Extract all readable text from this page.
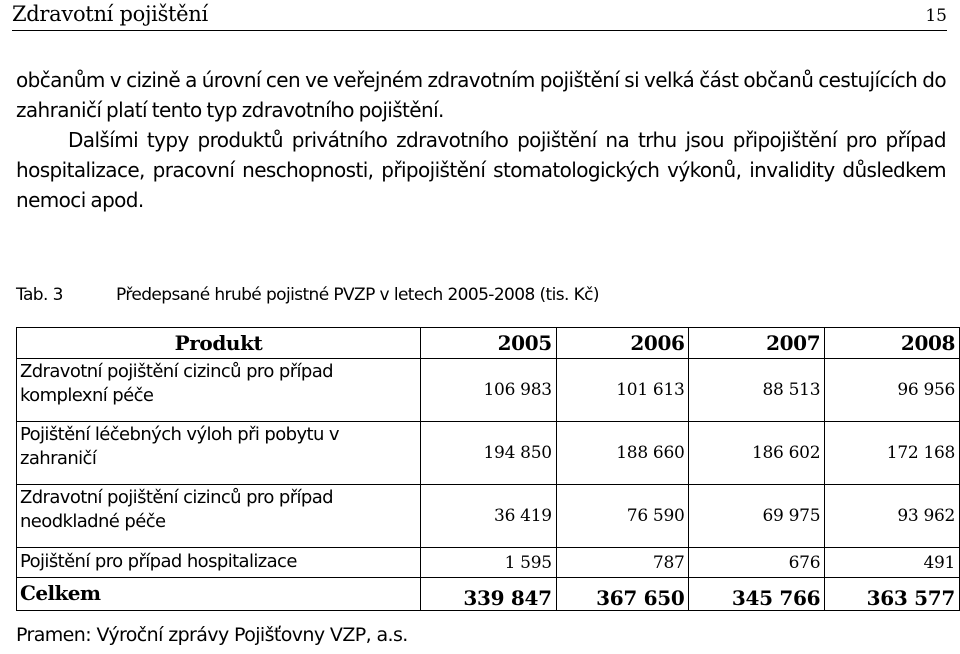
Zdravotní pojištění	15

občanům v cizině a úrovní cen ve veřejném zdravotním pojištění si velká část občanů cestujících do zahraničí platí tento typ zdravotního pojištění.

Dalšími typy produktů privátního zdravotního pojištění na trhu jsou připojištění pro případ hospitalizace, pracovní neschopnosti, připojištění stomatologických výkonů, invalidity důsledkem nemoci apod.

Tab. 3	Předepsané hrubé pojistné PVZP v letech 2005-2008 (tis. Kč)
Produkt	2005	2006	2007	2008
Zdravotní pojištění cizinců pro případ komplexní péče	106 983	101 613	88 513	96 956
Pojištění léčebných výloh při pobytu v zahraničí	194 850	188 660	186 602	172 168
Zdravotní pojištění cizinců pro případ neodkladné péče	36 419	76 590	69 975	93 962
Pojištění pro případ hospitalizace	1 595	787	676	491
Celkem	339 847	367 650	345 766	363 577
Pramen: Výroční zprávy Pojišťovny VZP, a.s.
